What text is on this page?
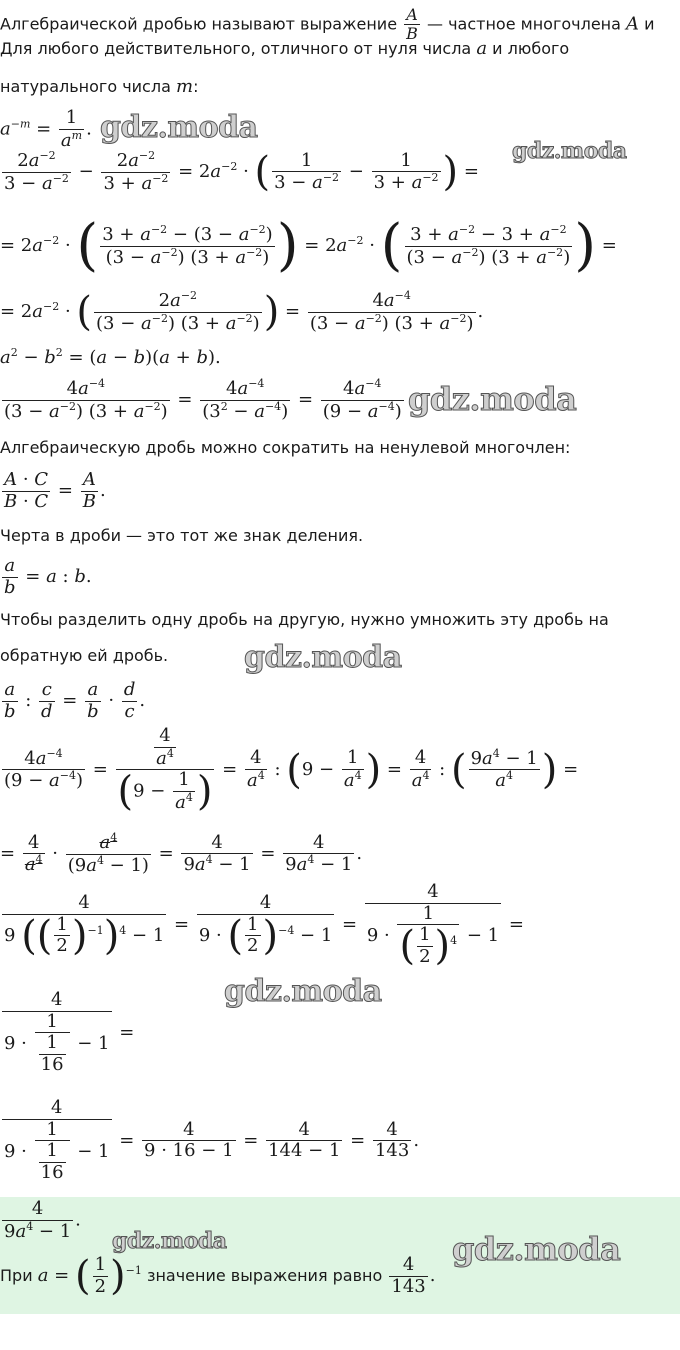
Алгебраической дробью называют выражение $\frac{A}{B}$ — частное многочлена A и
Для любого действительного, отличного от нуля числа a и любого
натурального числа m:
$a^{-m} = \frac{1}{a^m}$ .
$\frac{2a^{-2}}{3 - a^{-2}} - \frac{2a^{-2}}{3 + a^{-2}} = 2a^{-2}$ · ( $\frac{1}{3 - a^{-2}} - \frac{1}{3 + a^{-2}}$ ) =
= $2a^{-2}$ · ( $\frac{3 + a^{-2} - (3 - a^{-2})}{(3 - a^{-2}) (3 + a^{-2})}$ ) = $2a^{-2}$ · ( $\frac{3 + a^{-2} - 3 + a^{-2}}{(3 - a^{-2}) (3 + a^{-2})}$ ) =
= $2a^{-2}$ · ( $\frac{2a^{-2}}{(3 - a^{-2}) (3 + a^{-2})}$ ) = $\frac{4a^{-4}}{(3 - a^{-2}) (3 + a^{-2})}$ .
$a^2 - b^2 = (a - b)(a + b)$.
$\frac{4a^{-4}}{(3 - a^{-2}) (3 + a^{-2})} = \frac{4a^{-4}}{(3^2 - a^{-4})} = \frac{4a^{-4}}{(9 - a^{-4})}$
Алгебраическую дробь можно сократить на ненулевой многочлен:
$\frac{A \cdot C}{B \cdot C} = \frac{A}{B}$ .
Черта в дроби — это тот же знак деления.
$\frac{a}{b} = a$ : b.
Чтобы разделить одну дробь на другую, нужно умножить эту дробь на
обратную ей дробь.
$\frac{a}{b}$ : $\frac{c}{d} = \frac{a}{b} \cdot \frac{d}{c}$ .
$\frac{4a^{-4}}{(9 - a^{-4})} = \frac{\frac{4}{a^4}}{(9 - \frac{1}{a^4} )} = \frac{4}{a^4}$ : ($9 - \frac{1}{a^4}$ ) = $\frac{4}{a^4}$ : ( $\frac{9a^4 - 1}{a^4}$ ) =
= $\frac{4}{a^4} \cdot \frac{a^4}{(9a^4 - 1)} = \frac{4}{9a^4 - 1} = \frac{4}{9a^4 - 1}$ .
$\frac{4}{9 (( \frac{1}{2} )^{-1})^4 - 1} = \frac{4}{9 \cdot ( \frac{1}{2} )^{-4} - 1} = \frac{4}{9 \cdot \frac{1}{( \frac{1}{2} )^4} - 1}$ =
$\frac{4}{9 \cdot \frac{1}{\frac{1}{16}} - 1}$ =
$\frac{4}{9 \cdot \frac{1}{\frac{1}{16}} - 1} = \frac{4}{9 \cdot 16 - 1} = \frac{4}{144 - 1} = \frac{4}{143}$ .
$\frac{4}{9a^4 - 1}$ .
При a = ( $\frac{1}{2} )^{-1}$ значение выражения равно $\frac{4}{143}$ .
gdz.moda
gdz.moda
gdz.moda
gdz.moda
gdz.moda
gdz.moda	gdz.moda
